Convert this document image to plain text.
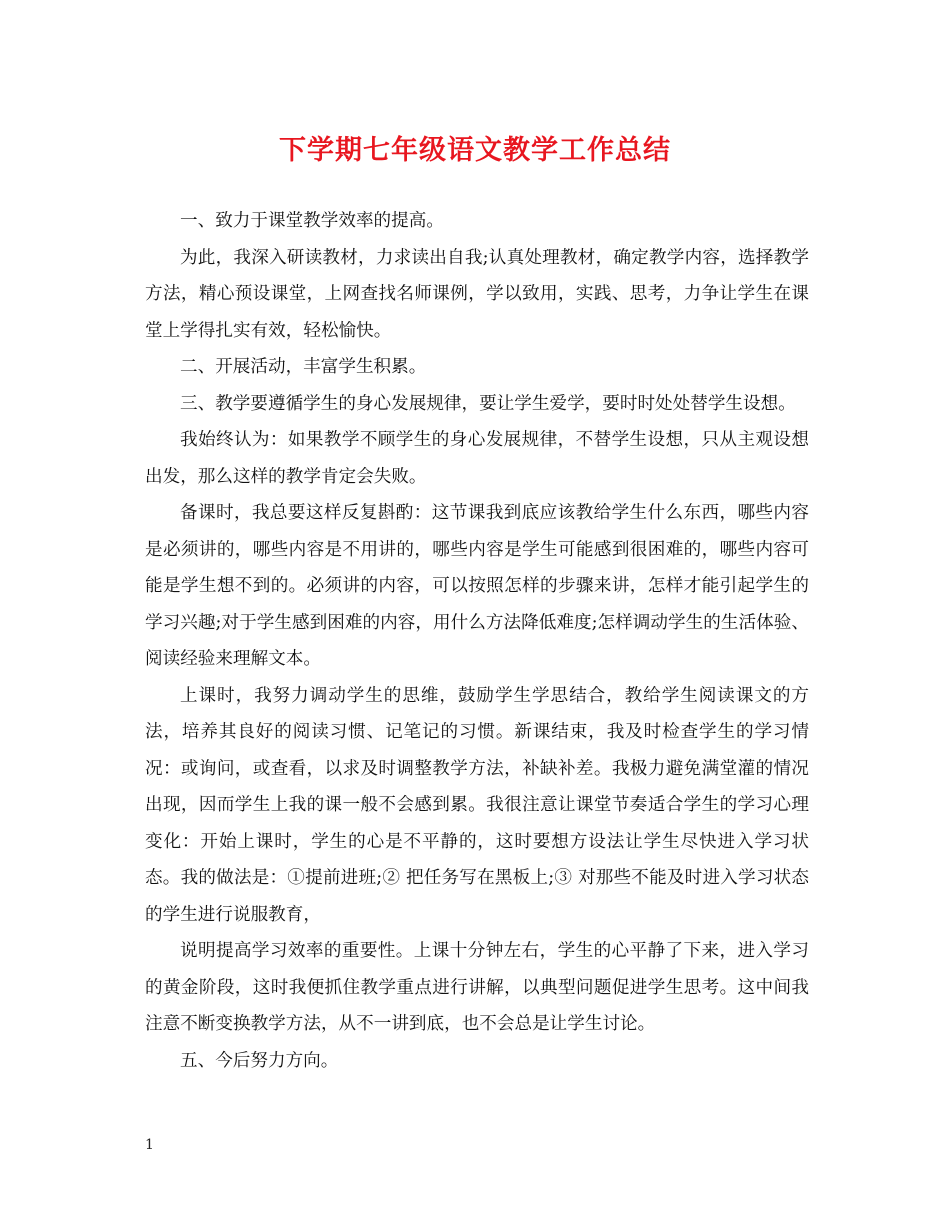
下学期七年级语文教学工作总结

一、致力于课堂教学效率的提高。

为此，我深入研读教材，力求读出自我;认真处理教材，确定教学内容，选择教学方法，精心预设课堂，上网查找名师课例，学以致用，实践、思考，力争让学生在课堂上学得扎实有效，轻松愉快。

二、开展活动，丰富学生积累。

三、教学要遵循学生的身心发展规律，要让学生爱学，要时时处处替学生设想。

我始终认为：如果教学不顾学生的身心发展规律，不替学生设想，只从主观设想出发，那么这样的教学肯定会失败。

备课时，我总要这样反复斟酌：这节课我到底应该教给学生什么东西，哪些内容是必须讲的，哪些内容是不用讲的，哪些内容是学生可能感到很困难的，哪些内容可能是学生想不到的。必须讲的内容，可以按照怎样的步骤来讲，怎样才能引起学生的学习兴趣;对于学生感到困难的内容，用什么方法降低难度;怎样调动学生的生活体验、阅读经验来理解文本。

上课时，我努力调动学生的思维，鼓励学生学思结合，教给学生阅读课文的方法，培养其良好的阅读习惯、记笔记的习惯。新课结束，我及时检查学生的学习情况：或询问，或查看，以求及时调整教学方法，补缺补差。我极力避免满堂灌的情况出现，因而学生上我的课一般不会感到累。我很注意让课堂节奏适合学生的学习心理变化：开始上课时，学生的心是不平静的，这时要想方设法让学生尽快进入学习状态。我的做法是：①提前进班;② 把任务写在黑板上;③ 对那些不能及时进入学习状态的学生进行说服教育，

说明提高学习效率的重要性。上课十分钟左右，学生的心平静了下来，进入学习的黄金阶段，这时我便抓住教学重点进行讲解，以典型问题促进学生思考。这中间我注意不断变换教学方法，从不一讲到底，也不会总是让学生讨论。

五、今后努力方向。

1
